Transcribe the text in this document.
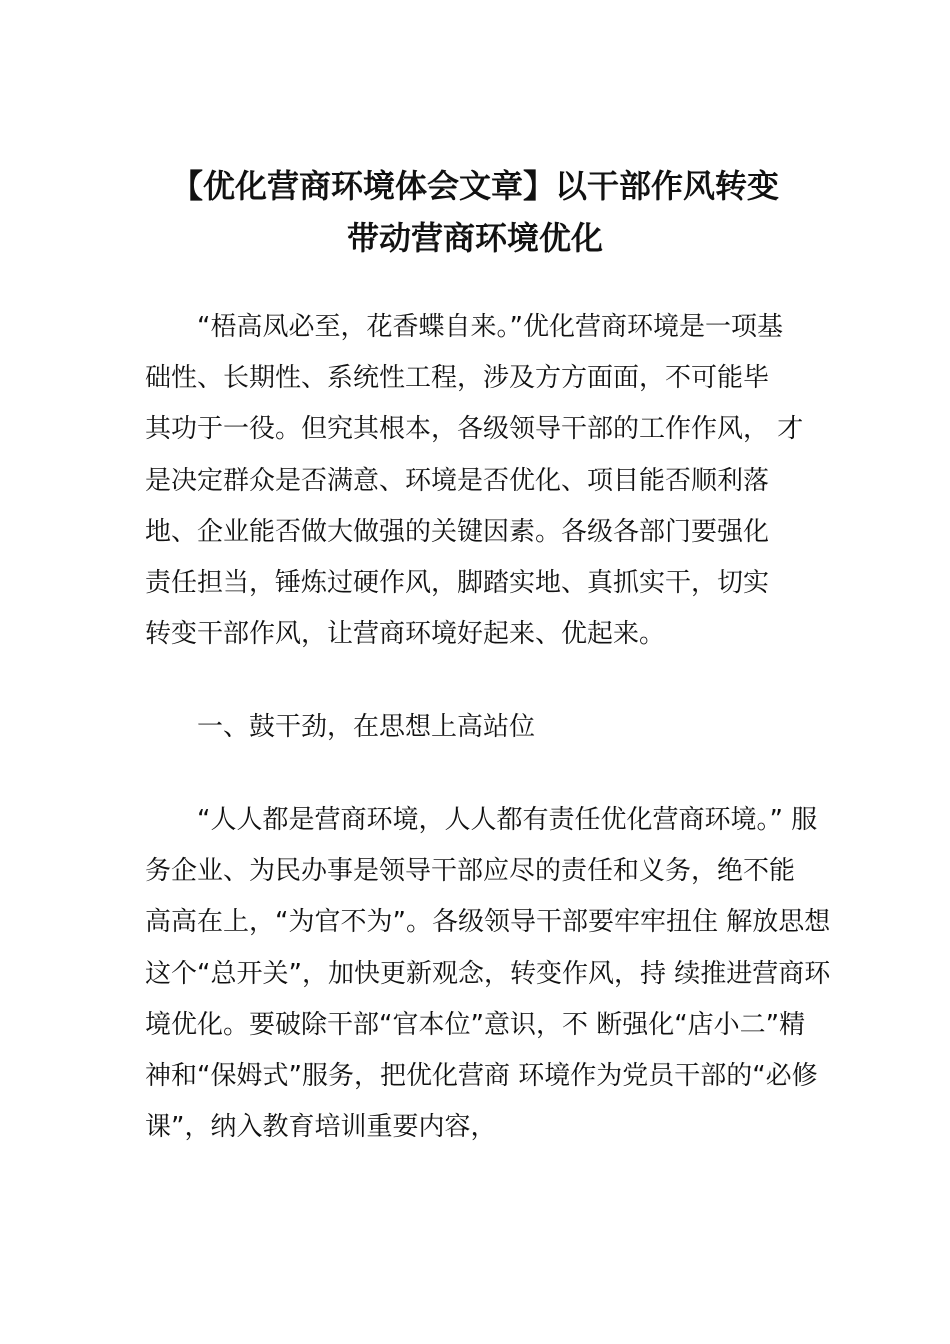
【优化营商环境体会文章】以干部作风转变
带动营商环境优化
“梧高凤必至，花香蝶自来。”优化营商环境是一项基
础性、长期性、系统性工程，涉及方方面面，不可能毕
其功于一役。但究其根本，各级领导干部的工作作风， 才
是决定群众是否满意、环境是否优化、项目能否顺利落
地、企业能否做大做强的关键因素。各级各部门要强化
责任担当，锤炼过硬作风，脚踏实地、真抓实干，切实
转变干部作风，让营商环境好起来、优起来。
一、鼓干劲，在思想上高站位
“人人都是营商环境，人人都有责任优化营商环境。” 服
务企业、为民办事是领导干部应尽的责任和义务，绝不能
高高在上，“为官不为”。各级领导干部要牢牢扭住 解放思想
这个“总开关”，加快更新观念，转变作风，持 续推进营商环
境优化。要破除干部“官本位”意识，不 断强化“店小二”精
神和“保姆式”服务，把优化营商 环境作为党员干部的“必修
课”，纳入教育培训重要内容，
